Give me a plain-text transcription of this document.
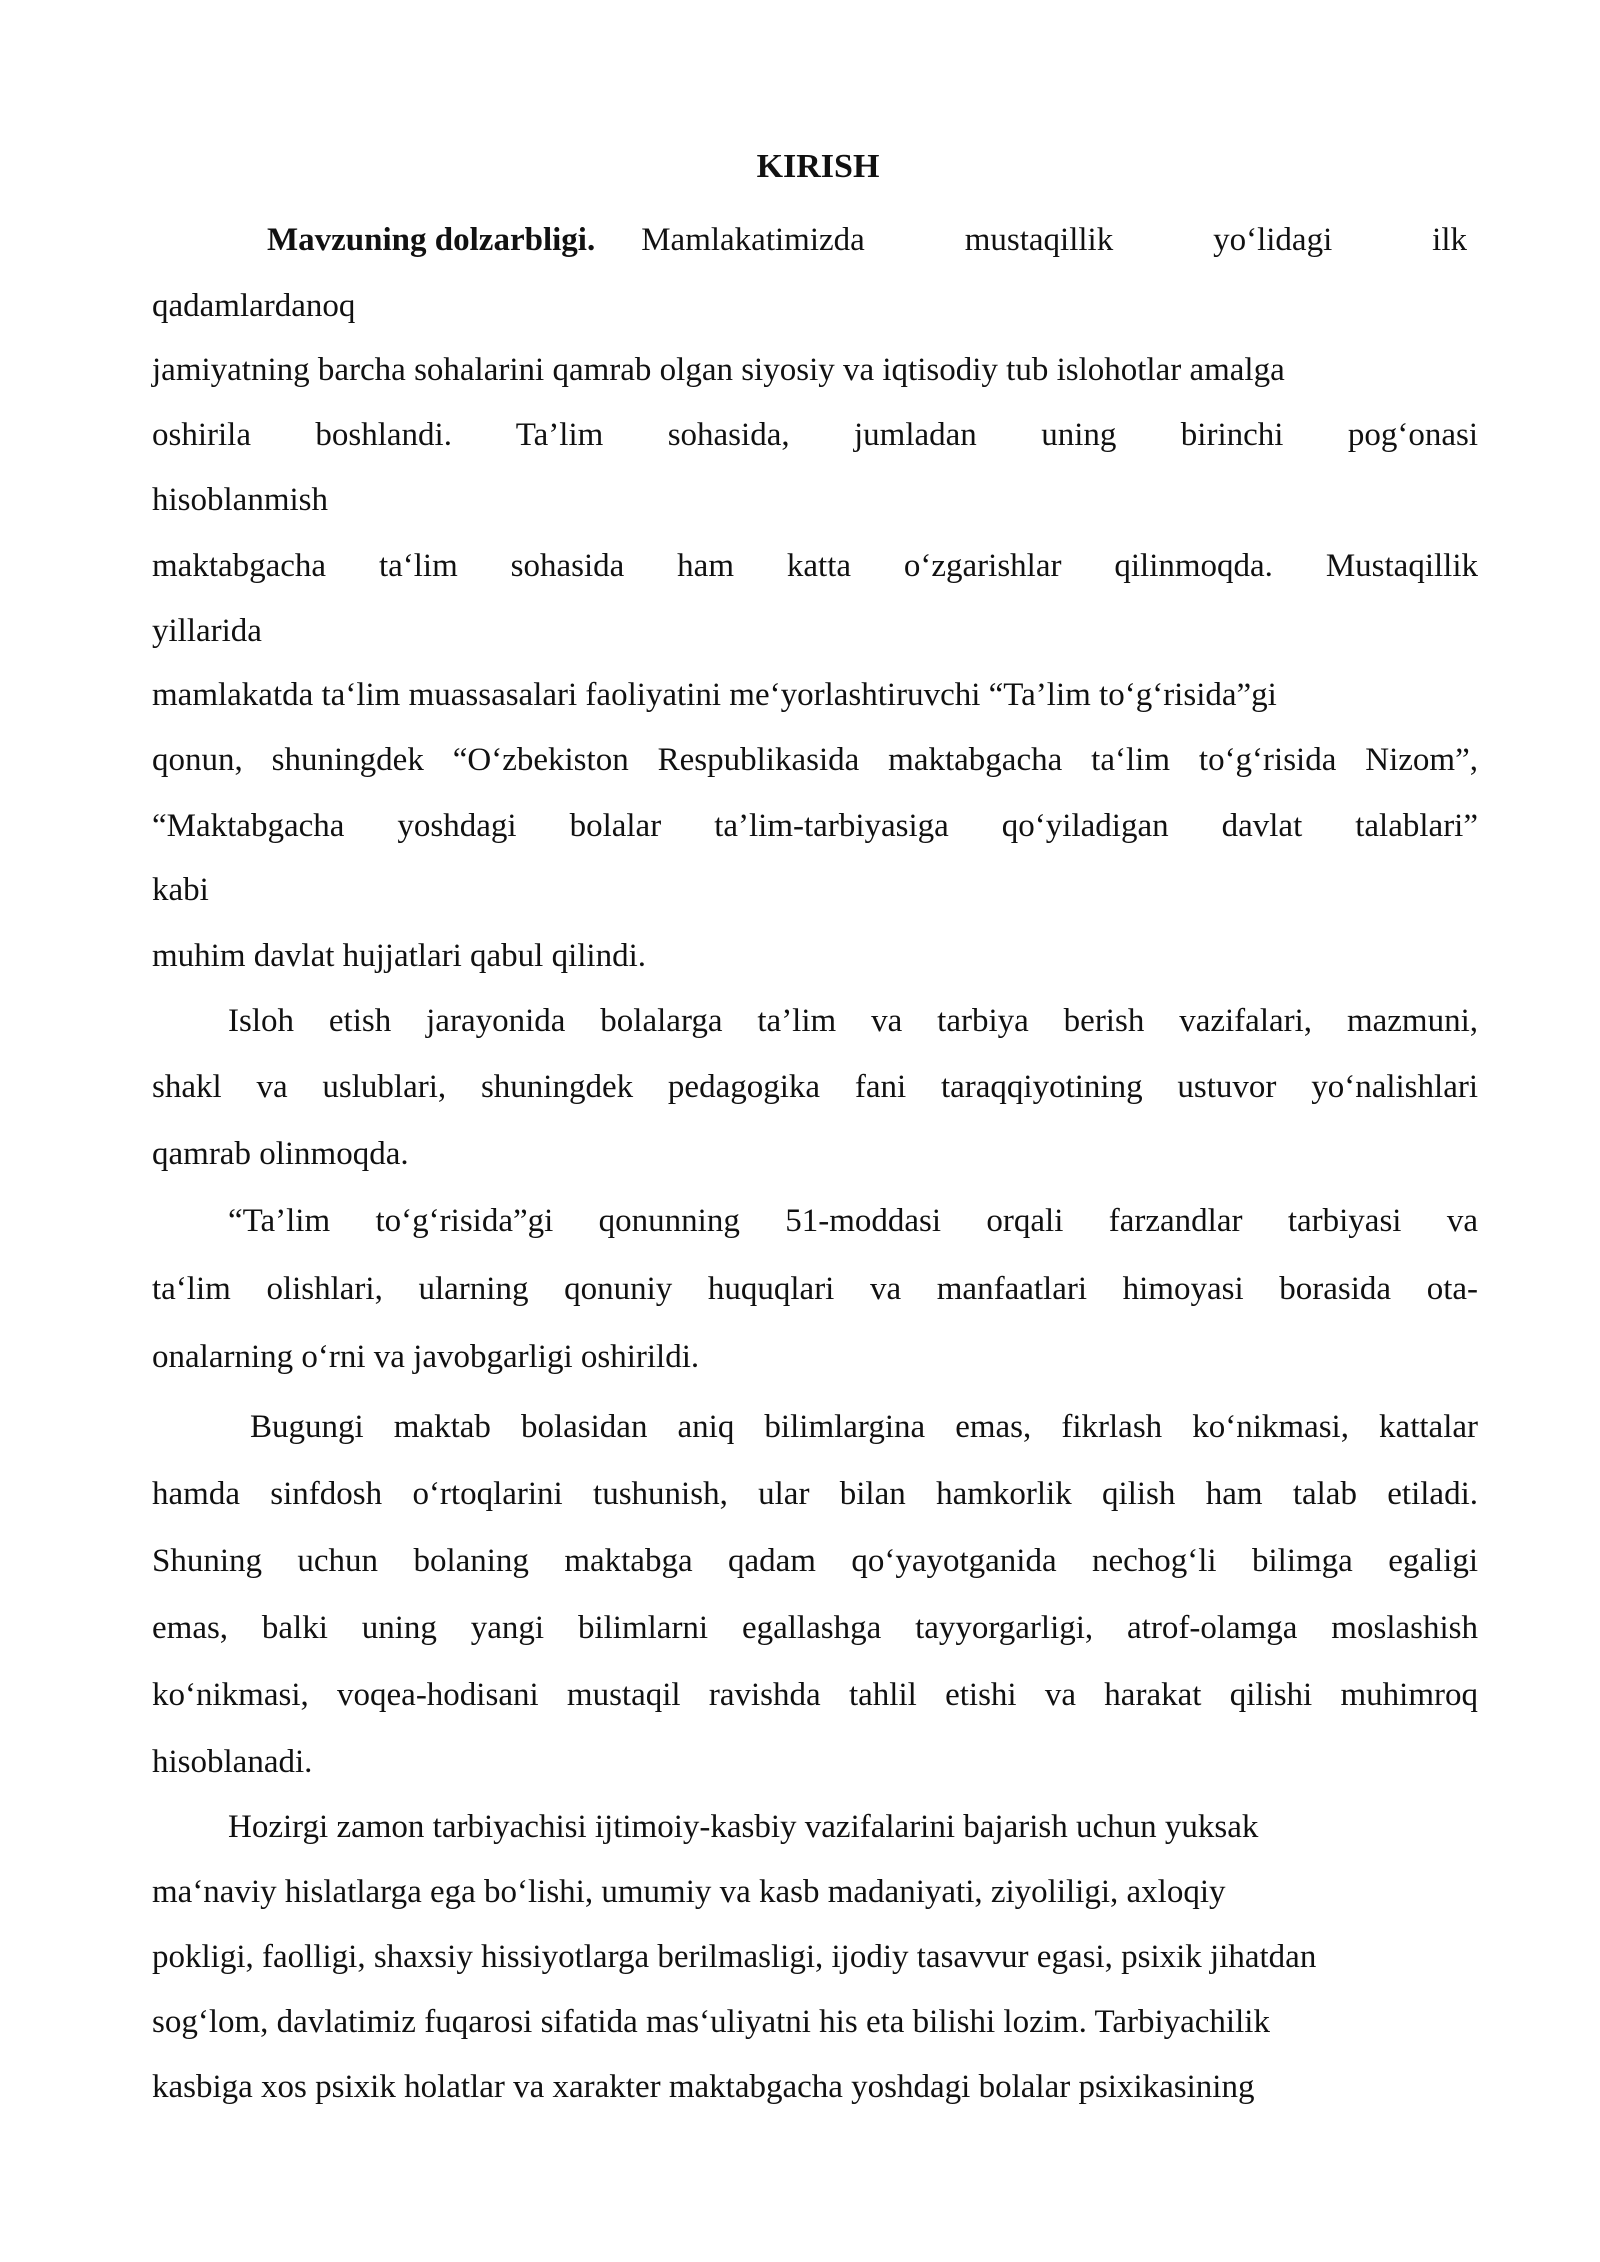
KIRISH
Mavzuning dolzarbligi. Mamlakatimizda mustaqillik yo‘lidagi ilk
qadamlardanoq
jamiyatning barcha sohalarini qamrab olgan siyosiy va iqtisodiy tub islohotlar amalga
oshirila boshlandi. Ta’lim sohasida, jumladan uning birinchi pog‘onasi
hisoblanmish
maktabgacha ta‘lim sohasida ham katta o‘zgarishlar qilinmoqda. Mustaqillik
yillarida
mamlakatda ta‘lim muassasalari faoliyatini me‘yorlashtiruvchi “Ta’lim to‘g‘risida”gi
qonun, shuningdek “O‘zbekiston Respublikasida maktabgacha ta‘lim to‘g‘risida Nizom”,
“Maktabgacha yoshdagi bolalar ta’lim-tarbiyasiga qo‘yiladigan davlat talablari”
kabi
muhim davlat hujjatlari qabul qilindi.
Isloh etish jarayonida bolalarga ta’lim va tarbiya berish vazifalari, mazmuni,
shakl va uslublari, shuningdek pedagogika fani taraqqiyotining ustuvor yo‘nalishlari
qamrab olinmoqda.
“Ta’lim to‘g‘risida”gi qonunning 51-moddasi orqali farzandlar tarbiyasi va
ta‘lim olishlari, ularning qonuniy huquqlari va manfaatlari himoyasi borasida ota-
onalarning o‘rni va javobgarligi oshirildi.
Bugungi maktab bolasidan aniq bilimlargina emas, fikrlash ko‘nikmasi, kattalar
hamda sinfdosh o‘rtoqlarini tushunish, ular bilan hamkorlik qilish ham talab etiladi.
Shuning uchun bolaning maktabga qadam qo‘yayotganida nechog‘li bilimga egaligi
emas, balki uning yangi bilimlarni egallashga tayyorgarligi, atrof-olamga moslashish
ko‘nikmasi, voqea-hodisani mustaqil ravishda tahlil etishi va harakat qilishi muhimroq
hisoblanadi.
Hozirgi zamon tarbiyachisi ijtimoiy-kasbiy vazifalarini bajarish uchun yuksak
ma‘naviy hislatlarga ega bo‘lishi, umumiy va kasb madaniyati, ziyoliligi, axloqiy
pokligi, faolligi, shaxsiy hissiyotlarga berilmasligi, ijodiy tasavvur egasi, psixik jihatdan
sog‘lom, davlatimiz fuqarosi sifatida mas‘uliyatni his eta bilishi lozim. Tarbiyachilik
kasbiga xos psixik holatlar va xarakter maktabgacha yoshdagi bolalar psixikasining
